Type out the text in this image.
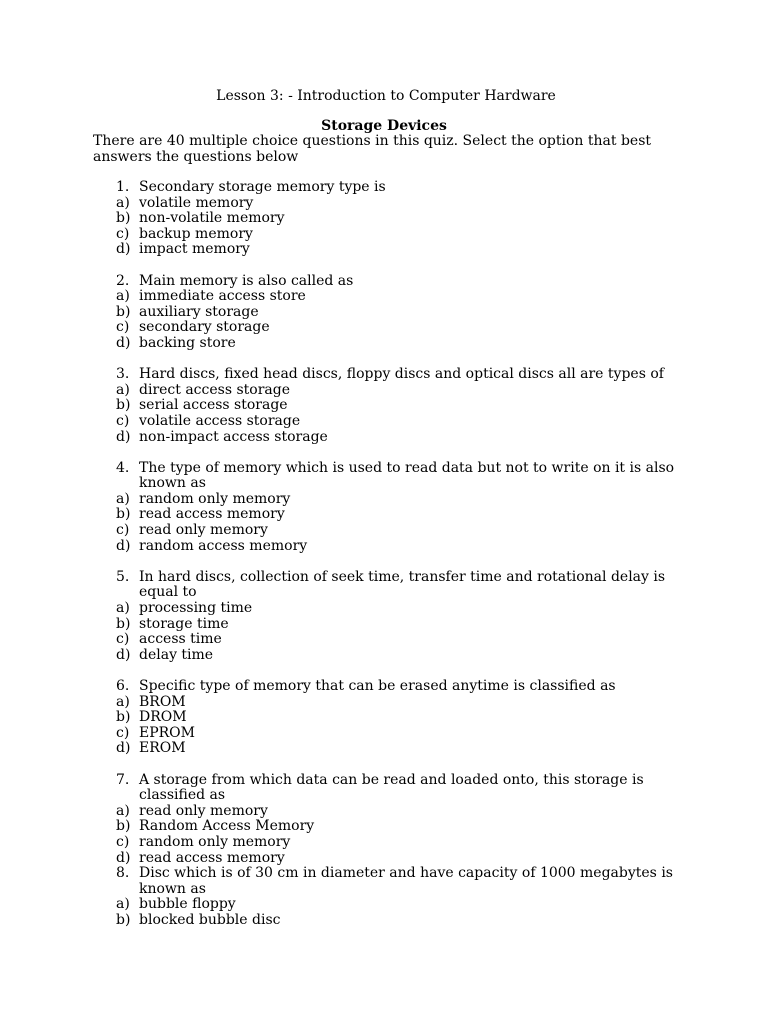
Lesson 3: - Introduction to Computer Hardware
Storage Devices
There are 40 multiple choice questions in this quiz. Select the option that best answers the questions below
1. Secondary storage memory type is
a) volatile memory
b) non-volatile memory
c) backup memory
d) impact memory
2. Main memory is also called as
a) immediate access store
b) auxiliary storage
c) secondary storage
d) backing store
3. Hard discs, fixed head discs, floppy discs and optical discs all are types of
a) direct access storage
b) serial access storage
c) volatile access storage
d) non-impact access storage
4. The type of memory which is used to read data but not to write on it is also known as
a) random only memory
b) read access memory
c) read only memory
d) random access memory
5. In hard discs, collection of seek time, transfer time and rotational delay is equal to
a) processing time
b) storage time
c) access time
d) delay time
6. Specific type of memory that can be erased anytime is classified as
a) BROM
b) DROM
c) EPROM
d) EROM
7. A storage from which data can be read and loaded onto, this storage is classified as
a) read only memory
b) Random Access Memory
c) random only memory
d) read access memory
8. Disc which is of 30 cm in diameter and have capacity of 1000 megabytes is known as
a) bubble floppy
b) blocked bubble disc
